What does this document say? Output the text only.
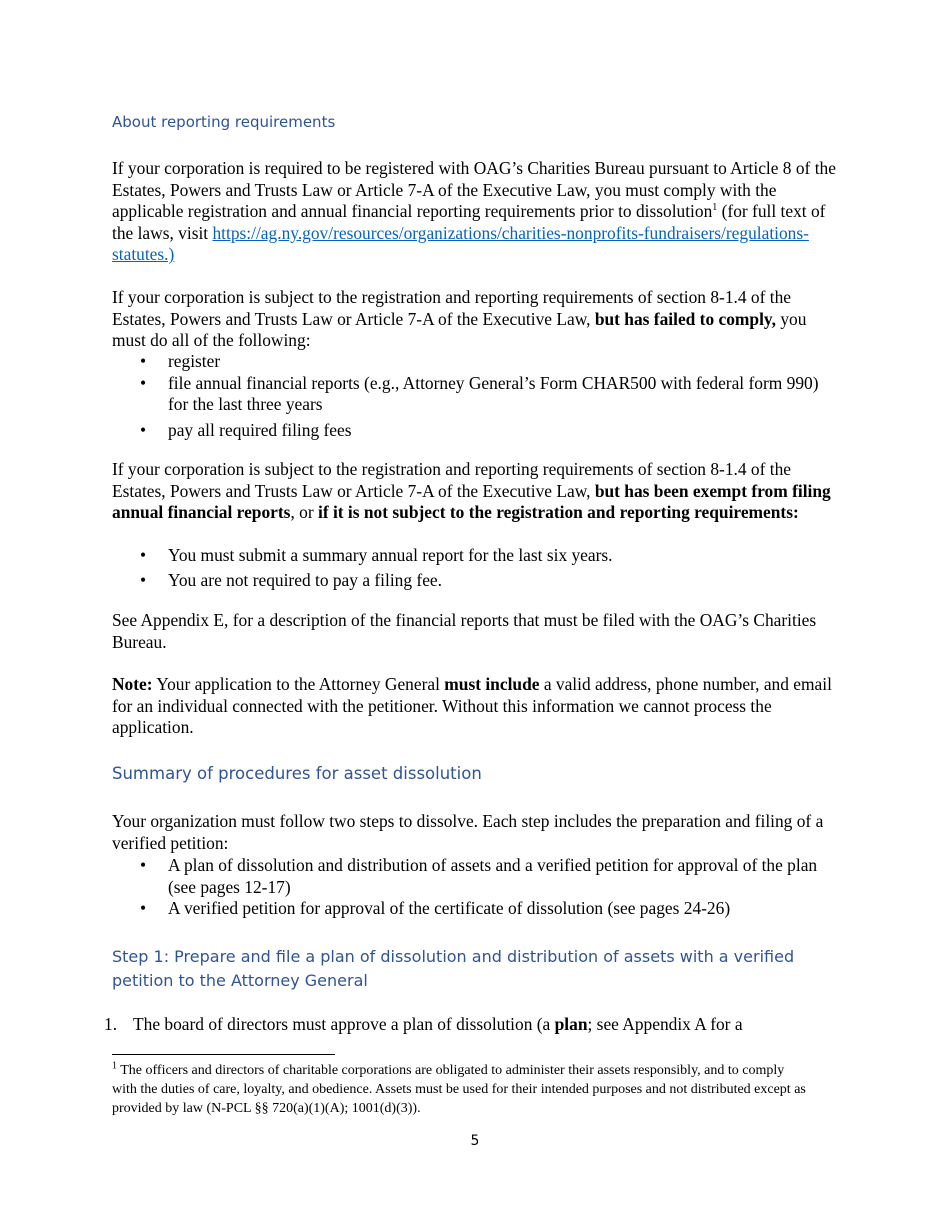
About reporting requirements

If your corporation is required to be registered with OAG’s Charities Bureau pursuant to Article 8 of the Estates, Powers and Trusts Law or Article 7-A of the Executive Law, you must comply with the applicable registration and annual financial reporting requirements prior to dissolution$^1$ (for full text of the laws, visit https://ag.ny.gov/resources/organizations/charities-nonprofits-fundraisers/regulations-statutes.)

If your corporation is subject to the registration and reporting requirements of section 8-1.4 of the Estates, Powers and Trusts Law or Article 7-A of the Executive Law, but has failed to comply, you must do all of the following:

• register
• file annual financial reports (e.g., Attorney General’s Form CHAR500 with federal form 990) for the last three years
• pay all required filing fees

If your corporation is subject to the registration and reporting requirements of section 8-1.4 of the Estates, Powers and Trusts Law or Article 7-A of the Executive Law, but has been exempt from filing annual financial reports, or if it is not subject to the registration and reporting requirements:

• You must submit a summary annual report for the last six years.
• You are not required to pay a filing fee.

See Appendix E, for a description of the financial reports that must be filed with the OAG’s Charities Bureau.

Note: Your application to the Attorney General must include a valid address, phone number, and email for an individual connected with the petitioner. Without this information we cannot process the application.

Summary of procedures for asset dissolution

Your organization must follow two steps to dissolve. Each step includes the preparation and filing of a verified petition:

• A plan of dissolution and distribution of assets and a verified petition for approval of the plan (see pages 12-17)
• A verified petition for approval of the certificate of dissolution (see pages 24-26)
Step 1: Prepare and file a plan of dissolution and distribution of assets with a verified petition to the Attorney General
1. The board of directors must approve a plan of dissolution (a plan; see Appendix A for a

$^1$ The officers and directors of charitable corporations are obligated to administer their assets responsibly, and to comply with the duties of care, loyalty, and obedience. Assets must be used for their intended purposes and not distributed except as provided by law (N-PCL §§ 720(a)(1)(A); 1001(d)(3)).

5
